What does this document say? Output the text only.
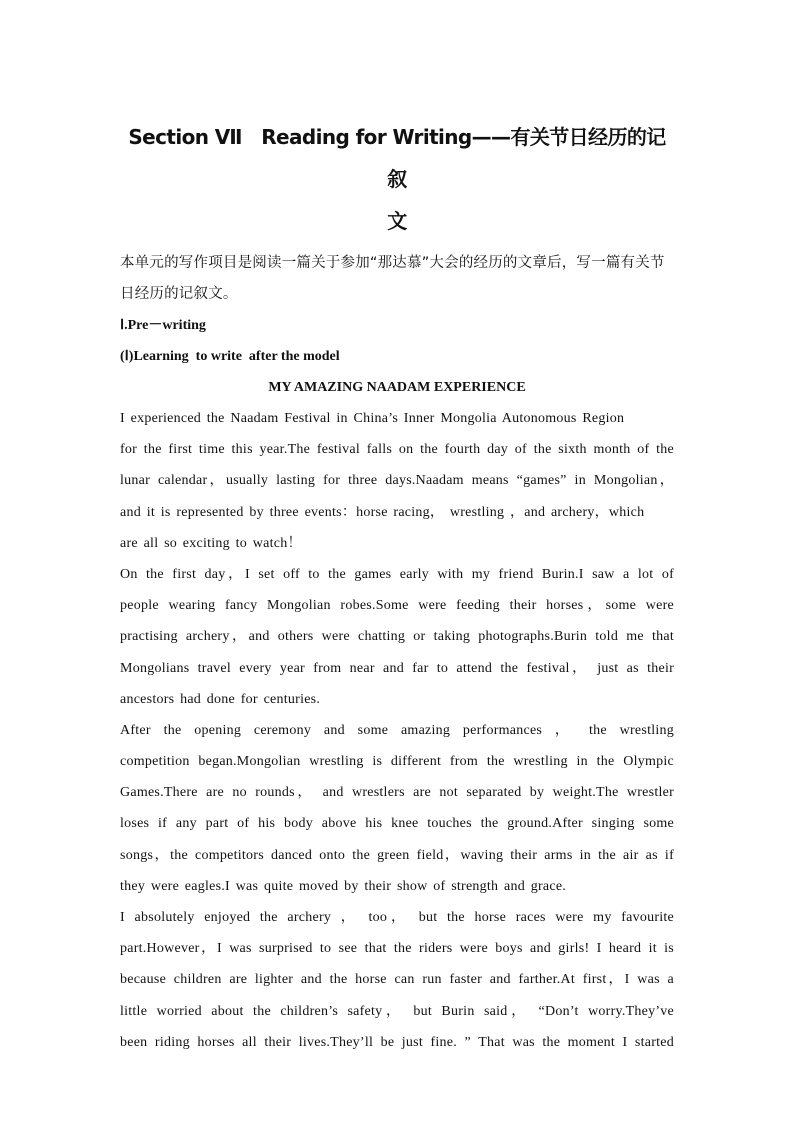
Section Ⅶ　Reading for Writing——有关节日经历的记叙
文
本单元的写作项目是阅读一篇关于参加“那达慕”大会的经历的文章后，写一篇有关节日经历的记叙文。
Ⅰ.Pre－writing
(Ⅰ)Learning  to write  after the model
MY AMAZING NAADAM EXPERIENCE
I experienced the Naadam Festival in China’s Inner Mongolia Autonomous Region
for the first time this year.The festival falls on the fourth day of the sixth month of the
lunar calendar，usually lasting for three days.Naadam means “games” in Mongolian，
and it is represented by three events：horse racing， wrestling ，and archery，which
are all so exciting to watch！
On the first day，I set off to the games early with my friend Burin.I saw a lot of
people wearing fancy Mongolian robes.Some were feeding their horses，some were
practising archery，and others were chatting or taking photographs.Burin told me that
Mongolians travel every year from near and far to attend the festival， just as their
ancestors had done for centuries.
After the opening ceremony and some amazing performances ， the wrestling
competition began.Mongolian wrestling is different from the wrestling in the Olympic
Games.There are no rounds， and wrestlers are not separated by weight.The wrestler
loses if any part of his body above his knee touches the ground.After singing some
songs，the competitors danced onto the green field，waving their arms in the air as if
they were eagles.I was quite moved by their show of strength and grace.
I absolutely enjoyed the archery ， too， but the horse races were my favourite
part.However，I was surprised to see that the riders were boys and girls! I heard it is
because children are lighter and the horse can run faster and farther.At first，I was a
little worried about the children’s safety， but Burin said， “Don’t worry.They’ve
been riding horses all their lives.They’ll be just fine. ” That was the moment I started
